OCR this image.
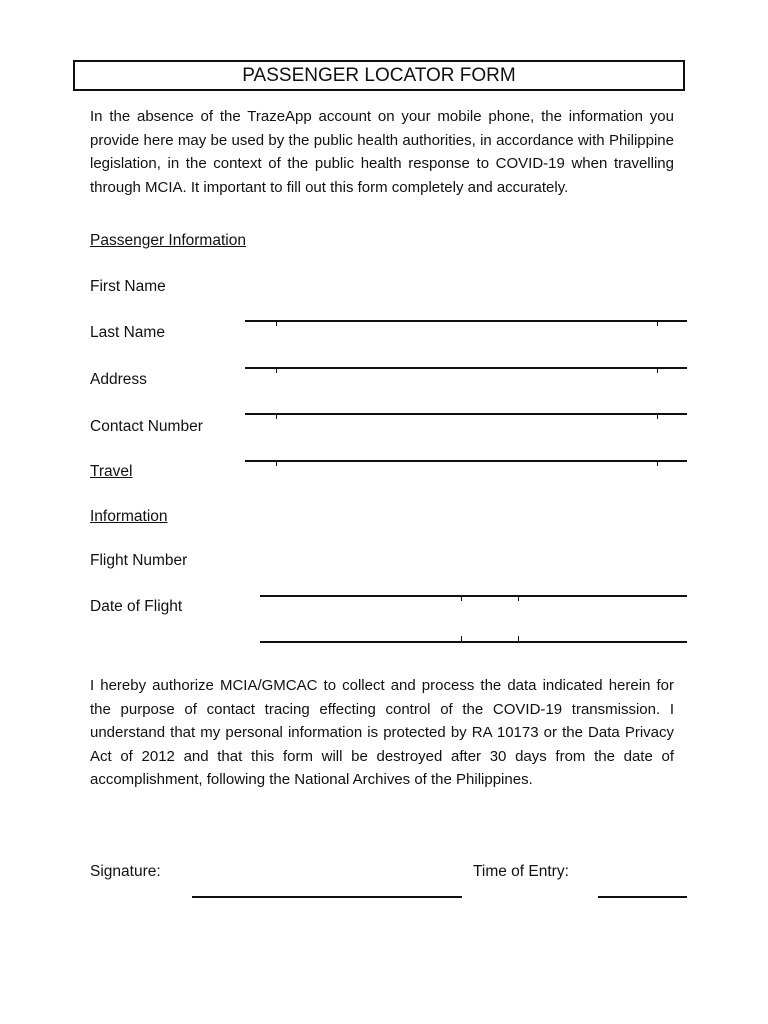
PASSENGER LOCATOR FORM
In the absence of the TrazeApp account on your mobile phone, the information you provide here may be used by the public health authorities, in accordance with Philippine legislation, in the context of the public health response to COVID-19 when travelling through MCIA. It important to fill out this form completely and accurately.
Passenger Information
First Name
Last Name
Address
Contact Number
Travel
Information
Flight Number
Date of Flight
I hereby authorize MCIA/GMCAC to collect and process the data indicated herein for the purpose of contact tracing effecting control of the COVID-19 transmission. I understand that my personal information is protected by RA 10173 or the Data Privacy Act of 2012 and that this form will be destroyed after 30 days from the date of accomplishment, following the National Archives of the Philippines.
Signature:	Time of Entry:
